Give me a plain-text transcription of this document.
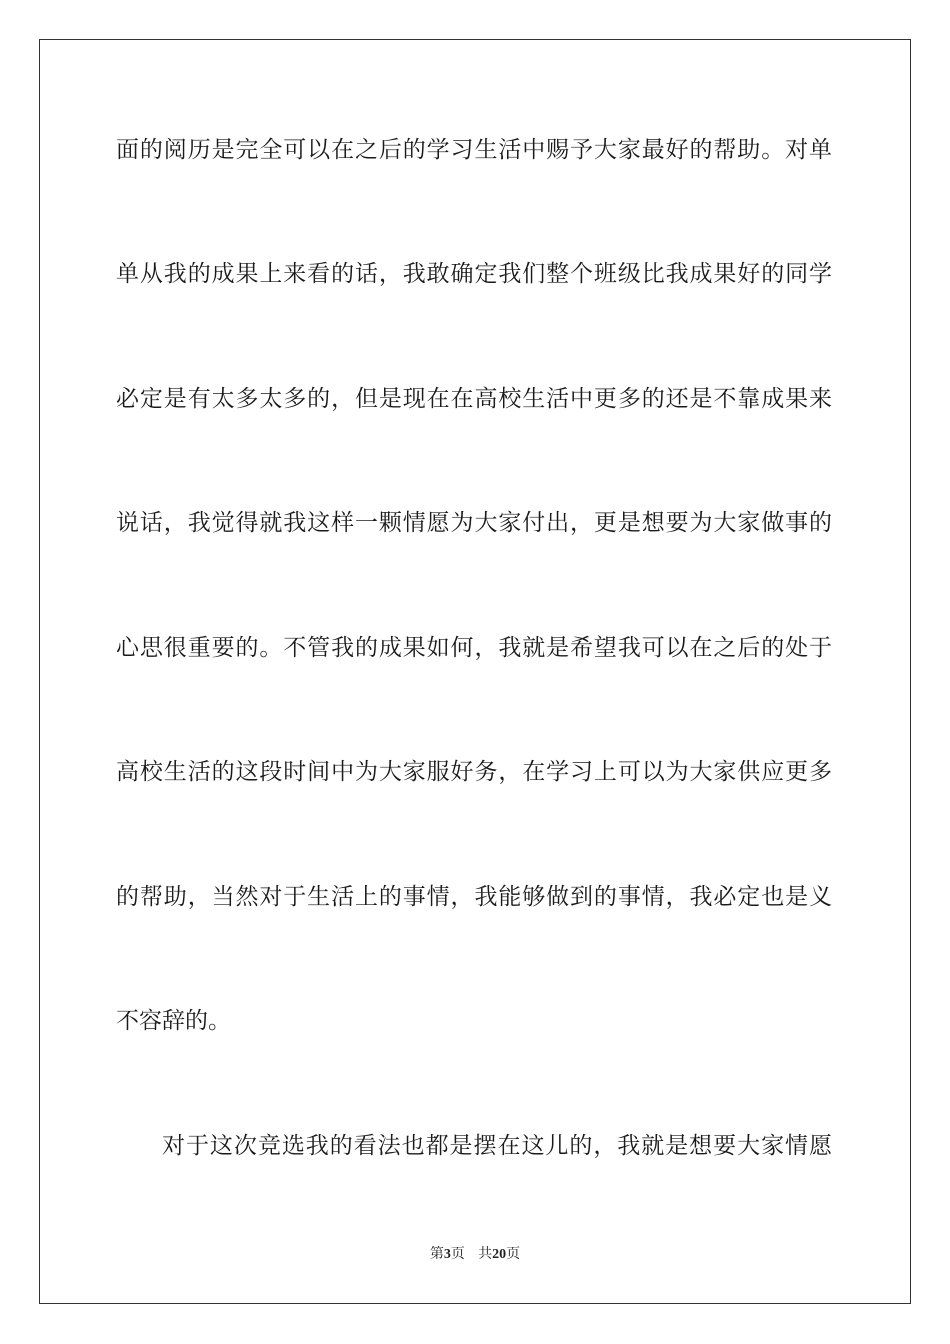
面的阅历是完全可以在之后的学习生活中赐予大家最好的帮助。对单
单从我的成果上来看的话，我敢确定我们整个班级比我成果好的同学
必定是有太多太多的，但是现在在高校生活中更多的还是不靠成果来
说话，我觉得就我这样一颗情愿为大家付出，更是想要为大家做事的
心思很重要的。不管我的成果如何，我就是希望我可以在之后的处于
高校生活的这段时间中为大家服好务，在学习上可以为大家供应更多
的帮助，当然对于生活上的事情，我能够做到的事情，我必定也是义
不容辞的。
对于这次竞选我的看法也都是摆在这儿的，我就是想要大家情愿
第3页 共20页
